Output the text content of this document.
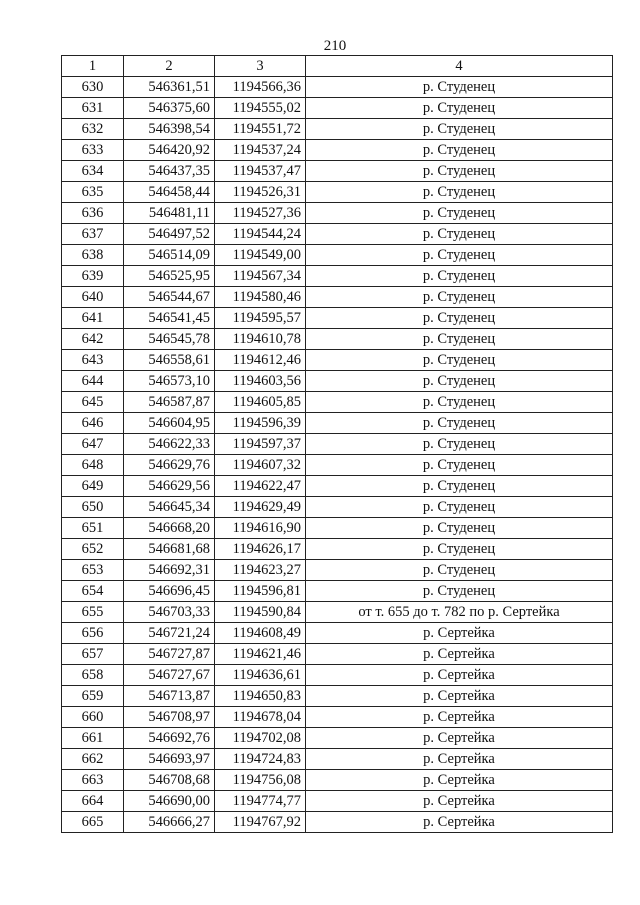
210
1	2	3	4
630	546361,51	1194566,36	р. Студенец
631	546375,60	1194555,02	р. Студенец
632	546398,54	1194551,72	р. Студенец
633	546420,92	1194537,24	р. Студенец
634	546437,35	1194537,47	р. Студенец
635	546458,44	1194526,31	р. Студенец
636	546481,11	1194527,36	р. Студенец
637	546497,52	1194544,24	р. Студенец
638	546514,09	1194549,00	р. Студенец
639	546525,95	1194567,34	р. Студенец
640	546544,67	1194580,46	р. Студенец
641	546541,45	1194595,57	р. Студенец
642	546545,78	1194610,78	р. Студенец
643	546558,61	1194612,46	р. Студенец
644	546573,10	1194603,56	р. Студенец
645	546587,87	1194605,85	р. Студенец
646	546604,95	1194596,39	р. Студенец
647	546622,33	1194597,37	р. Студенец
648	546629,76	1194607,32	р. Студенец
649	546629,56	1194622,47	р. Студенец
650	546645,34	1194629,49	р. Студенец
651	546668,20	1194616,90	р. Студенец
652	546681,68	1194626,17	р. Студенец
653	546692,31	1194623,27	р. Студенец
654	546696,45	1194596,81	р. Студенец
655	546703,33	1194590,84	от т. 655 до т. 782 по р. Сертейка
656	546721,24	1194608,49	р. Сертейка
657	546727,87	1194621,46	р. Сертейка
658	546727,67	1194636,61	р. Сертейка
659	546713,87	1194650,83	р. Сертейка
660	546708,97	1194678,04	р. Сертейка
661	546692,76	1194702,08	р. Сертейка
662	546693,97	1194724,83	р. Сертейка
663	546708,68	1194756,08	р. Сертейка
664	546690,00	1194774,77	р. Сертейка
665	546666,27	1194767,92	р. Сертейка
